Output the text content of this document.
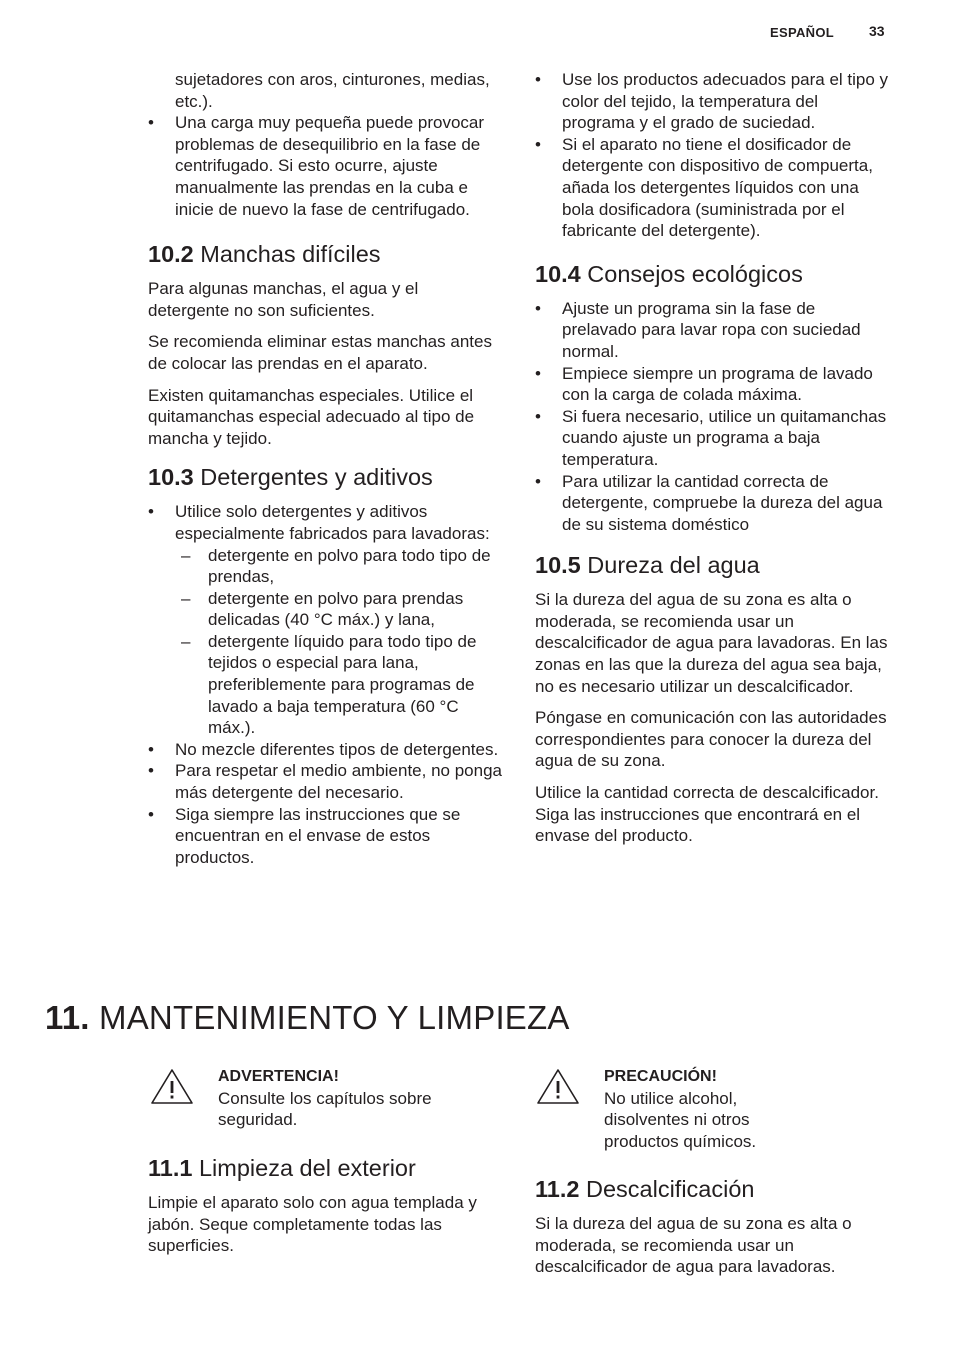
ESPAÑOL	33
sujetadores con aros, cinturones, medias, etc.).
• Una carga muy pequeña puede provocar problemas de desequilibrio en la fase de centrifugado. Si esto ocurre, ajuste manualmente las prendas en la cuba e inicie de nuevo la fase de centrifugado.
10.2 Manchas difíciles

Para algunas manchas, el agua y el detergente no son suficientes.

Se recomienda eliminar estas manchas antes de colocar las prendas en el aparato.

Existen quitamanchas especiales. Utilice el quitamanchas especial adecuado al tipo de mancha y tejido.

10.3 Detergentes y aditivos
• Utilice solo detergentes y aditivos especialmente fabricados para lavadoras:
– detergente en polvo para todo tipo de prendas,
– detergente en polvo para prendas delicadas (40 °C máx.) y lana,
– detergente líquido para todo tipo de tejidos o especial para lana, preferiblemente para programas de lavado a baja temperatura (60 °C máx.).
• No mezcle diferentes tipos de detergentes.
• Para respetar el medio ambiente, no ponga más detergente del necesario.
• Siga siempre las instrucciones que se encuentran en el envase de estos productos.
• Use los productos adecuados para el tipo y color del tejido, la temperatura del programa y el grado de suciedad.
• Si el aparato no tiene el dosificador de detergente con dispositivo de compuerta, añada los detergentes líquidos con una bola dosificadora (suministrada por el fabricante del detergente).
10.4 Consejos ecológicos
• Ajuste un programa sin la fase de prelavado para lavar ropa con suciedad normal.
• Empiece siempre un programa de lavado con la carga de colada máxima.
• Si fuera necesario, utilice un quitamanchas cuando ajuste un programa a baja temperatura.
• Para utilizar la cantidad correcta de detergente, compruebe la dureza del agua de su sistema doméstico
10.5 Dureza del agua

Si la dureza del agua de su zona es alta o moderada, se recomienda usar un descalcificador de agua para lavadoras. En las zonas en las que la dureza del agua sea baja, no es necesario utilizar un descalcificador.

Póngase en comunicación con las autoridades correspondientes para conocer la dureza del agua de su zona.

Utilice la cantidad correcta de descalcificador. Siga las instrucciones que encontrará en el envase del producto.

11. MANTENIMIENTO Y LIMPIEZA
ADVERTENCIA!
Consulte los capítulos sobre seguridad.
PRECAUCIÓN!
No utilice alcohol, disolventes ni otros productos químicos.
11.1 Limpieza del exterior

Limpie el aparato solo con agua templada y jabón. Seque completamente todas las superficies.

11.2 Descalcificación

Si la dureza del agua de su zona es alta o moderada, se recomienda usar un descalcificador de agua para lavadoras.
